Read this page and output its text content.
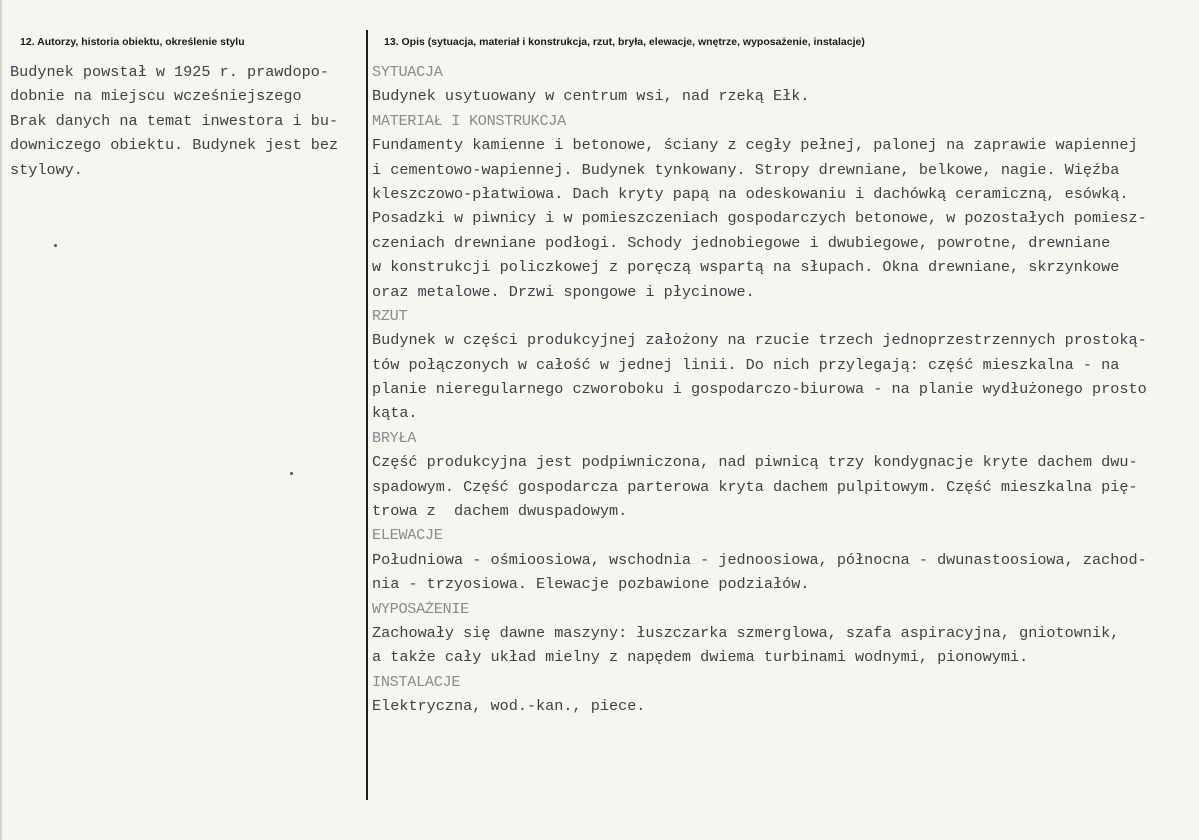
12. Autorzy, historia obiektu, określenie stylu	13. Opis (sytuacja, materiał i konstrukcja, rzut, bryła, elewacje, wnętrze, wyposażenie, instalacje)
Budynek powstał w 1925 r. prawdopo-
dobnie na miejscu wcześniejszego
Brak danych na temat inwestora i bu-
downiczego obiektu. Budynek jest bez
stylowy.
SYTUACJA
Budynek usytuowany w centrum wsi, nad rzeką Ełk.
MATERIAŁ I KONSTRUKCJA
Fundamenty kamienne i betonowe, ściany z cegły pełnej, palonej na zaprawie wapiennej
i cementowo-wapiennej. Budynek tynkowany. Stropy drewniane, belkowe, nagie. Więźba
kleszczowo-płatwiowa. Dach kryty papą na odeskowaniu i dachówką ceramiczną, esówką.
Posadzki w piwnicy i w pomieszczeniach gospodarczych betonowe, w pozostałych pomiesz-
czeniach drewniane podłogi. Schody jednobiegowe i dwubiegowe, powrotne, drewniane
w konstrukcji policzkowej z poręczą wspartą na słupach. Okna drewniane, skrzynkowe
oraz metalowe. Drzwi spongowe i płycinowe.
RZUT
Budynek w części produkcyjnej założony na rzucie trzech jednoprzestrzennych prostoką-
tów połączonych w całość w jednej linii. Do nich przylegają: część mieszkalna - na
planie nieregularnego czworoboku i gospodarczo-biurowa - na planie wydłużonego prosto
kąta.
BRYŁA
Część produkcyjna jest podpiwniczona, nad piwnicą trzy kondygnacje kryte dachem dwu-
spadowym. Część gospodarcza parterowa kryta dachem pulpitowym. Część mieszkalna pię-
trowa z  dachem dwuspadowym.
ELEWACJE
Południowa - ośmioosiowa, wschodnia - jednoosiowa, północna - dwunastoosiowa, zachod-
nia - trzyosiowa. Elewacje pozbawione podziałów.
WYPOSAŻENIE
Zachowały się dawne maszyny: łuszczarka szmerglowa, szafa aspiracyjna, gniotownik,
a także cały układ mielny z napędem dwiema turbinami wodnymi, pionowymi.
INSTALACJE
Elektryczna, wod.-kan., piece.
